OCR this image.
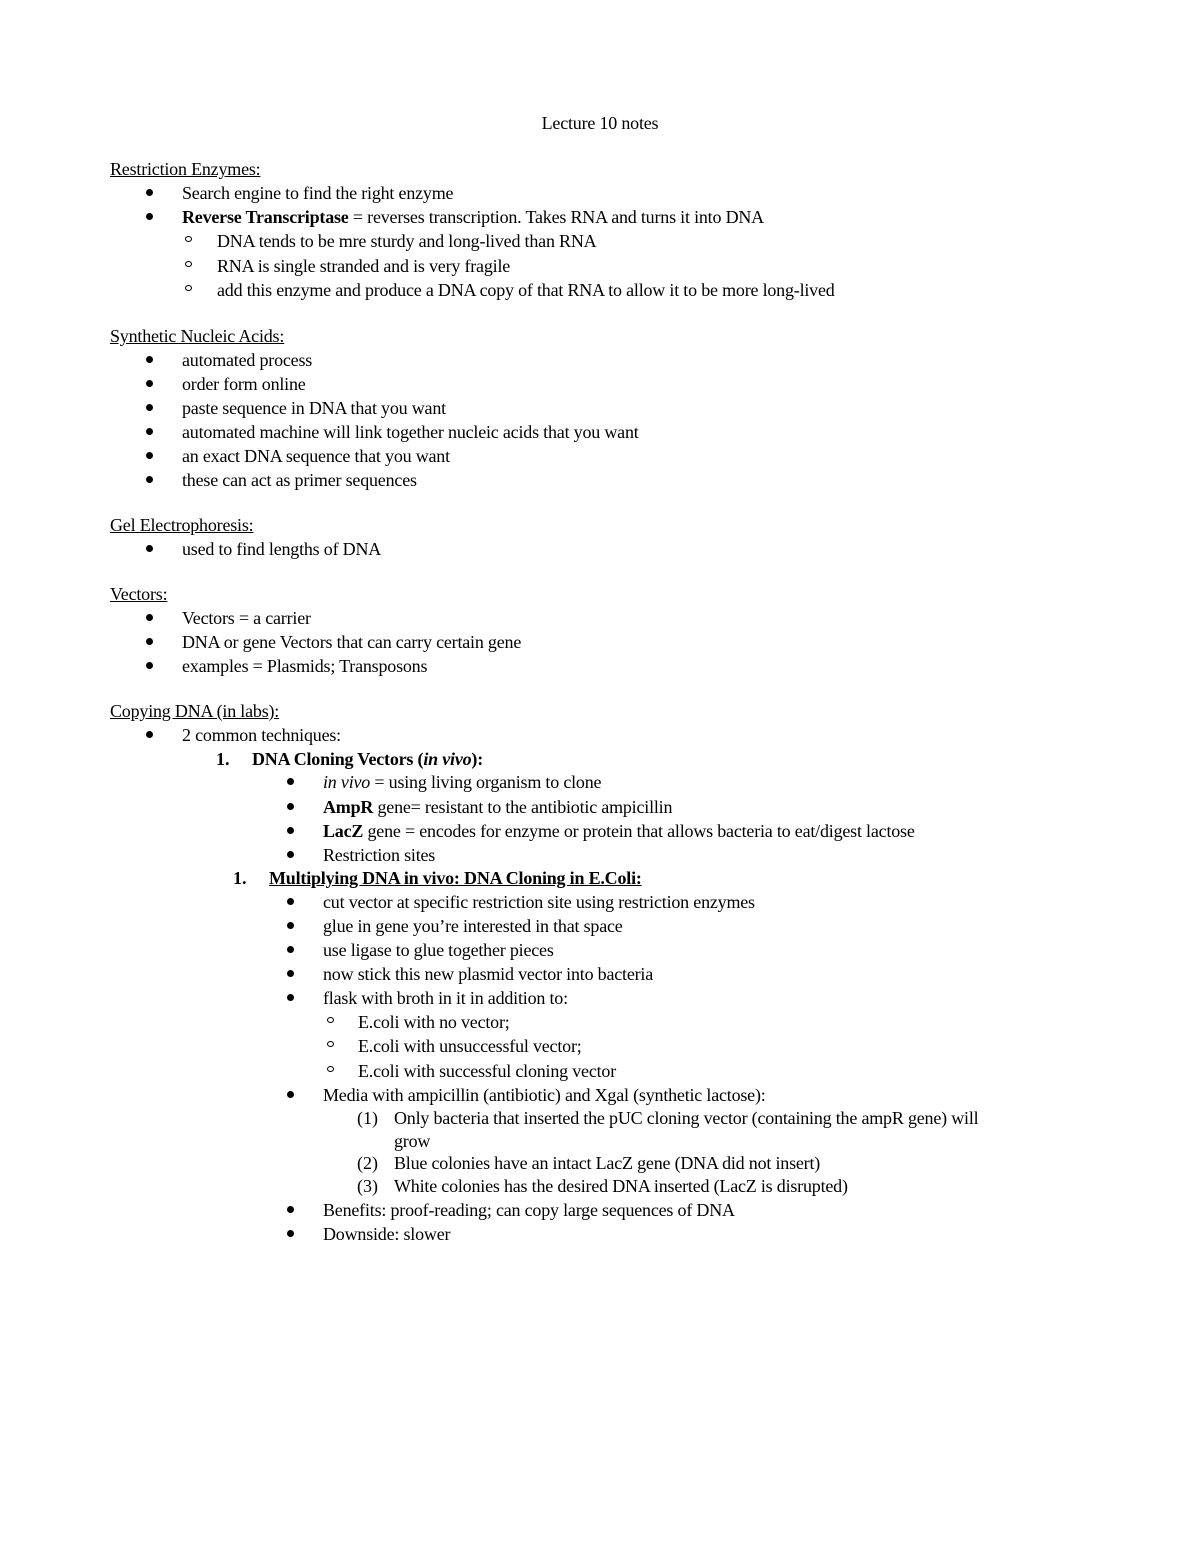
Lecture 10 notes
Restriction Enzymes:
Search engine to find the right enzyme
Reverse Transcriptase = reverses transcription. Takes RNA and turns it into DNA
DNA tends to be mre sturdy and long-lived than RNA
RNA is single stranded and is very fragile
add this enzyme and produce a DNA copy of that RNA to allow it to be more long-lived
Synthetic Nucleic Acids:
automated process
order form online
paste sequence in DNA that you want
automated machine will link together nucleic acids that you want
an exact DNA sequence that you want
these can act as primer sequences
Gel Electrophoresis:
used to find lengths of DNA
Vectors:
Vectors = a carrier
DNA or gene Vectors that can carry certain gene
examples = Plasmids; Transposons
Copying DNA (in labs):
2 common techniques:
1. DNA Cloning Vectors (in vivo):
in vivo = using living organism to clone
AmpR gene= resistant to the antibiotic ampicillin
LacZ gene = encodes for enzyme or protein that allows bacteria to eat/digest lactose
Restriction sites
1. Multiplying DNA in vivo: DNA Cloning in E.Coli:
cut vector at specific restriction site using restriction enzymes
glue in gene you’re interested in that space
use ligase to glue together pieces
now stick this new plasmid vector into bacteria
flask with broth in it in addition to:
E.coli with no vector;
E.coli with unsuccessful vector;
E.coli with successful cloning vector
Media with ampicillin (antibiotic) and Xgal (synthetic lactose):
(1) Only bacteria that inserted the pUC cloning vector (containing the ampR gene) will
grow
(2) Blue colonies have an intact LacZ gene (DNA did not insert)
(3) White colonies has the desired DNA inserted (LacZ is disrupted)
Benefits: proof-reading; can copy large sequences of DNA
Downside: slower
